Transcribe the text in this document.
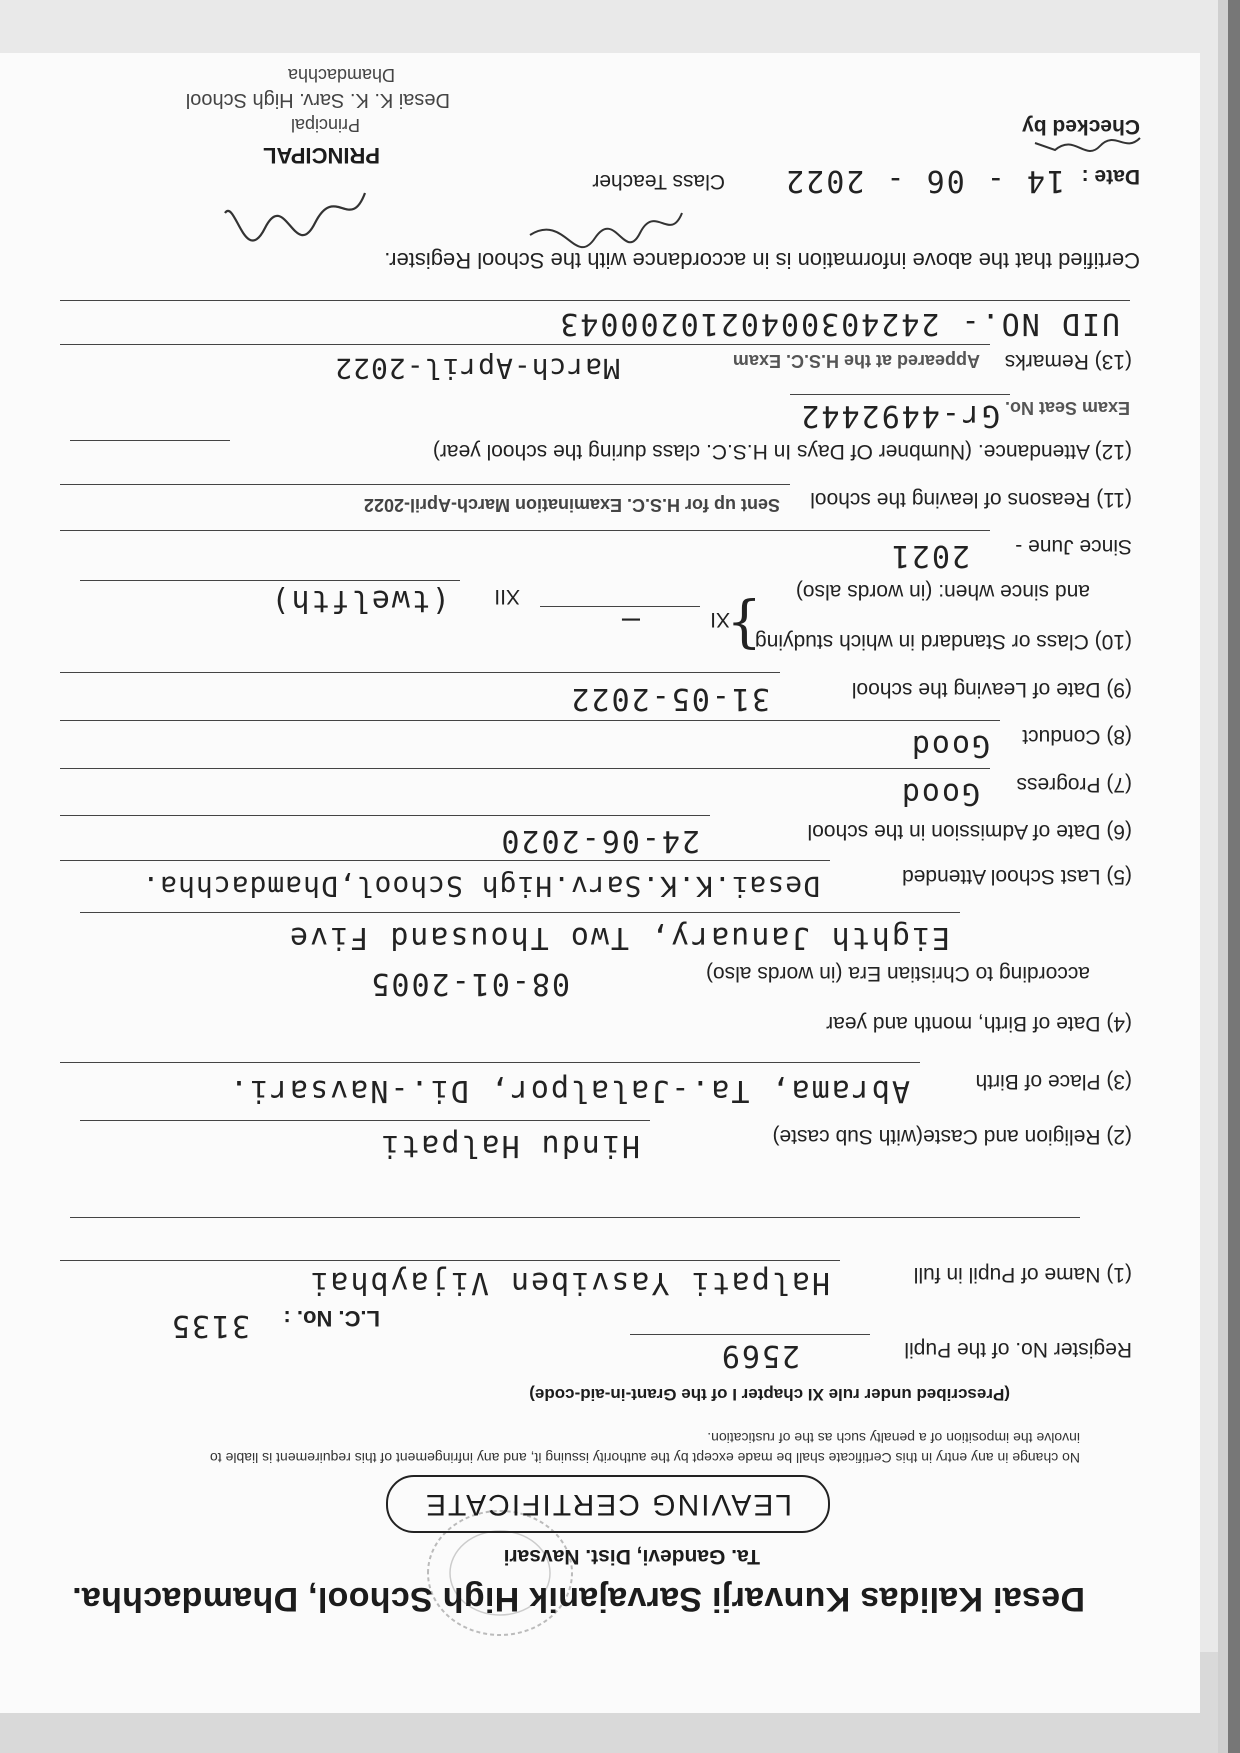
Desai Kalidas Kunvarji Sarvajanik High School, Dhamdachha.
Ta. Gandevi, Dist. Navsari
LEAVING CERTIFICATE
No change in any entry in this Certificate shall be made except by the authority issuing it, and any infringement of this requirement is liable to involve the imposition of a penalty such as the of rustication.
(Prescribed under rule XI chapter I of the Grant-in-aid-code)
Register No. of the Pupil
2569
L.C. No. :
3135
(1) Name of Pupil in full
Halpati Yasviben Vijaybhai
(2) Religion and Caste(with Sub caste)
Hindu Halpati
(3) Place of Birth
Abrama, Ta.-Jalalpor, Di.-Navsari.
(4) Date of Birth, month and year
according to Christian Era (in words also)
08-01-2005
Eighth January, Two Thousand Five
(5) Last School Attended
Desai.K.K.Sarv.High School,Dhamdachha.
(6) Date of Admission in the school
24-06-2020
(7) Progress
Good
(8) Conduct
Good
(9) Date of Leaving the school
31-05-2022
(10) Class or Standard in which studying
and since when: (in words also)
}
XI
—
XII
(twelfth)
Since June -
2021
(11) Reasons of leaving the school
Sent up for H.S.C. Examination March-April-2022
(12) Attendance. (Numbner Of Days In H.S.C. class during the school year)
Exam Seat No.
Gr-4492442
(13) Remarks
Appeared at the H.S.C. Exam
March-April-2022
UID NO.- 2424030040210200043
Certified that the above information is in accordance with the School Register.
Date :
14 - 06 - 2022
Checked by
Class Teacher
PRINCIPAL
Principal
Desai K. K. Sarv. High School
Dhamdachha
